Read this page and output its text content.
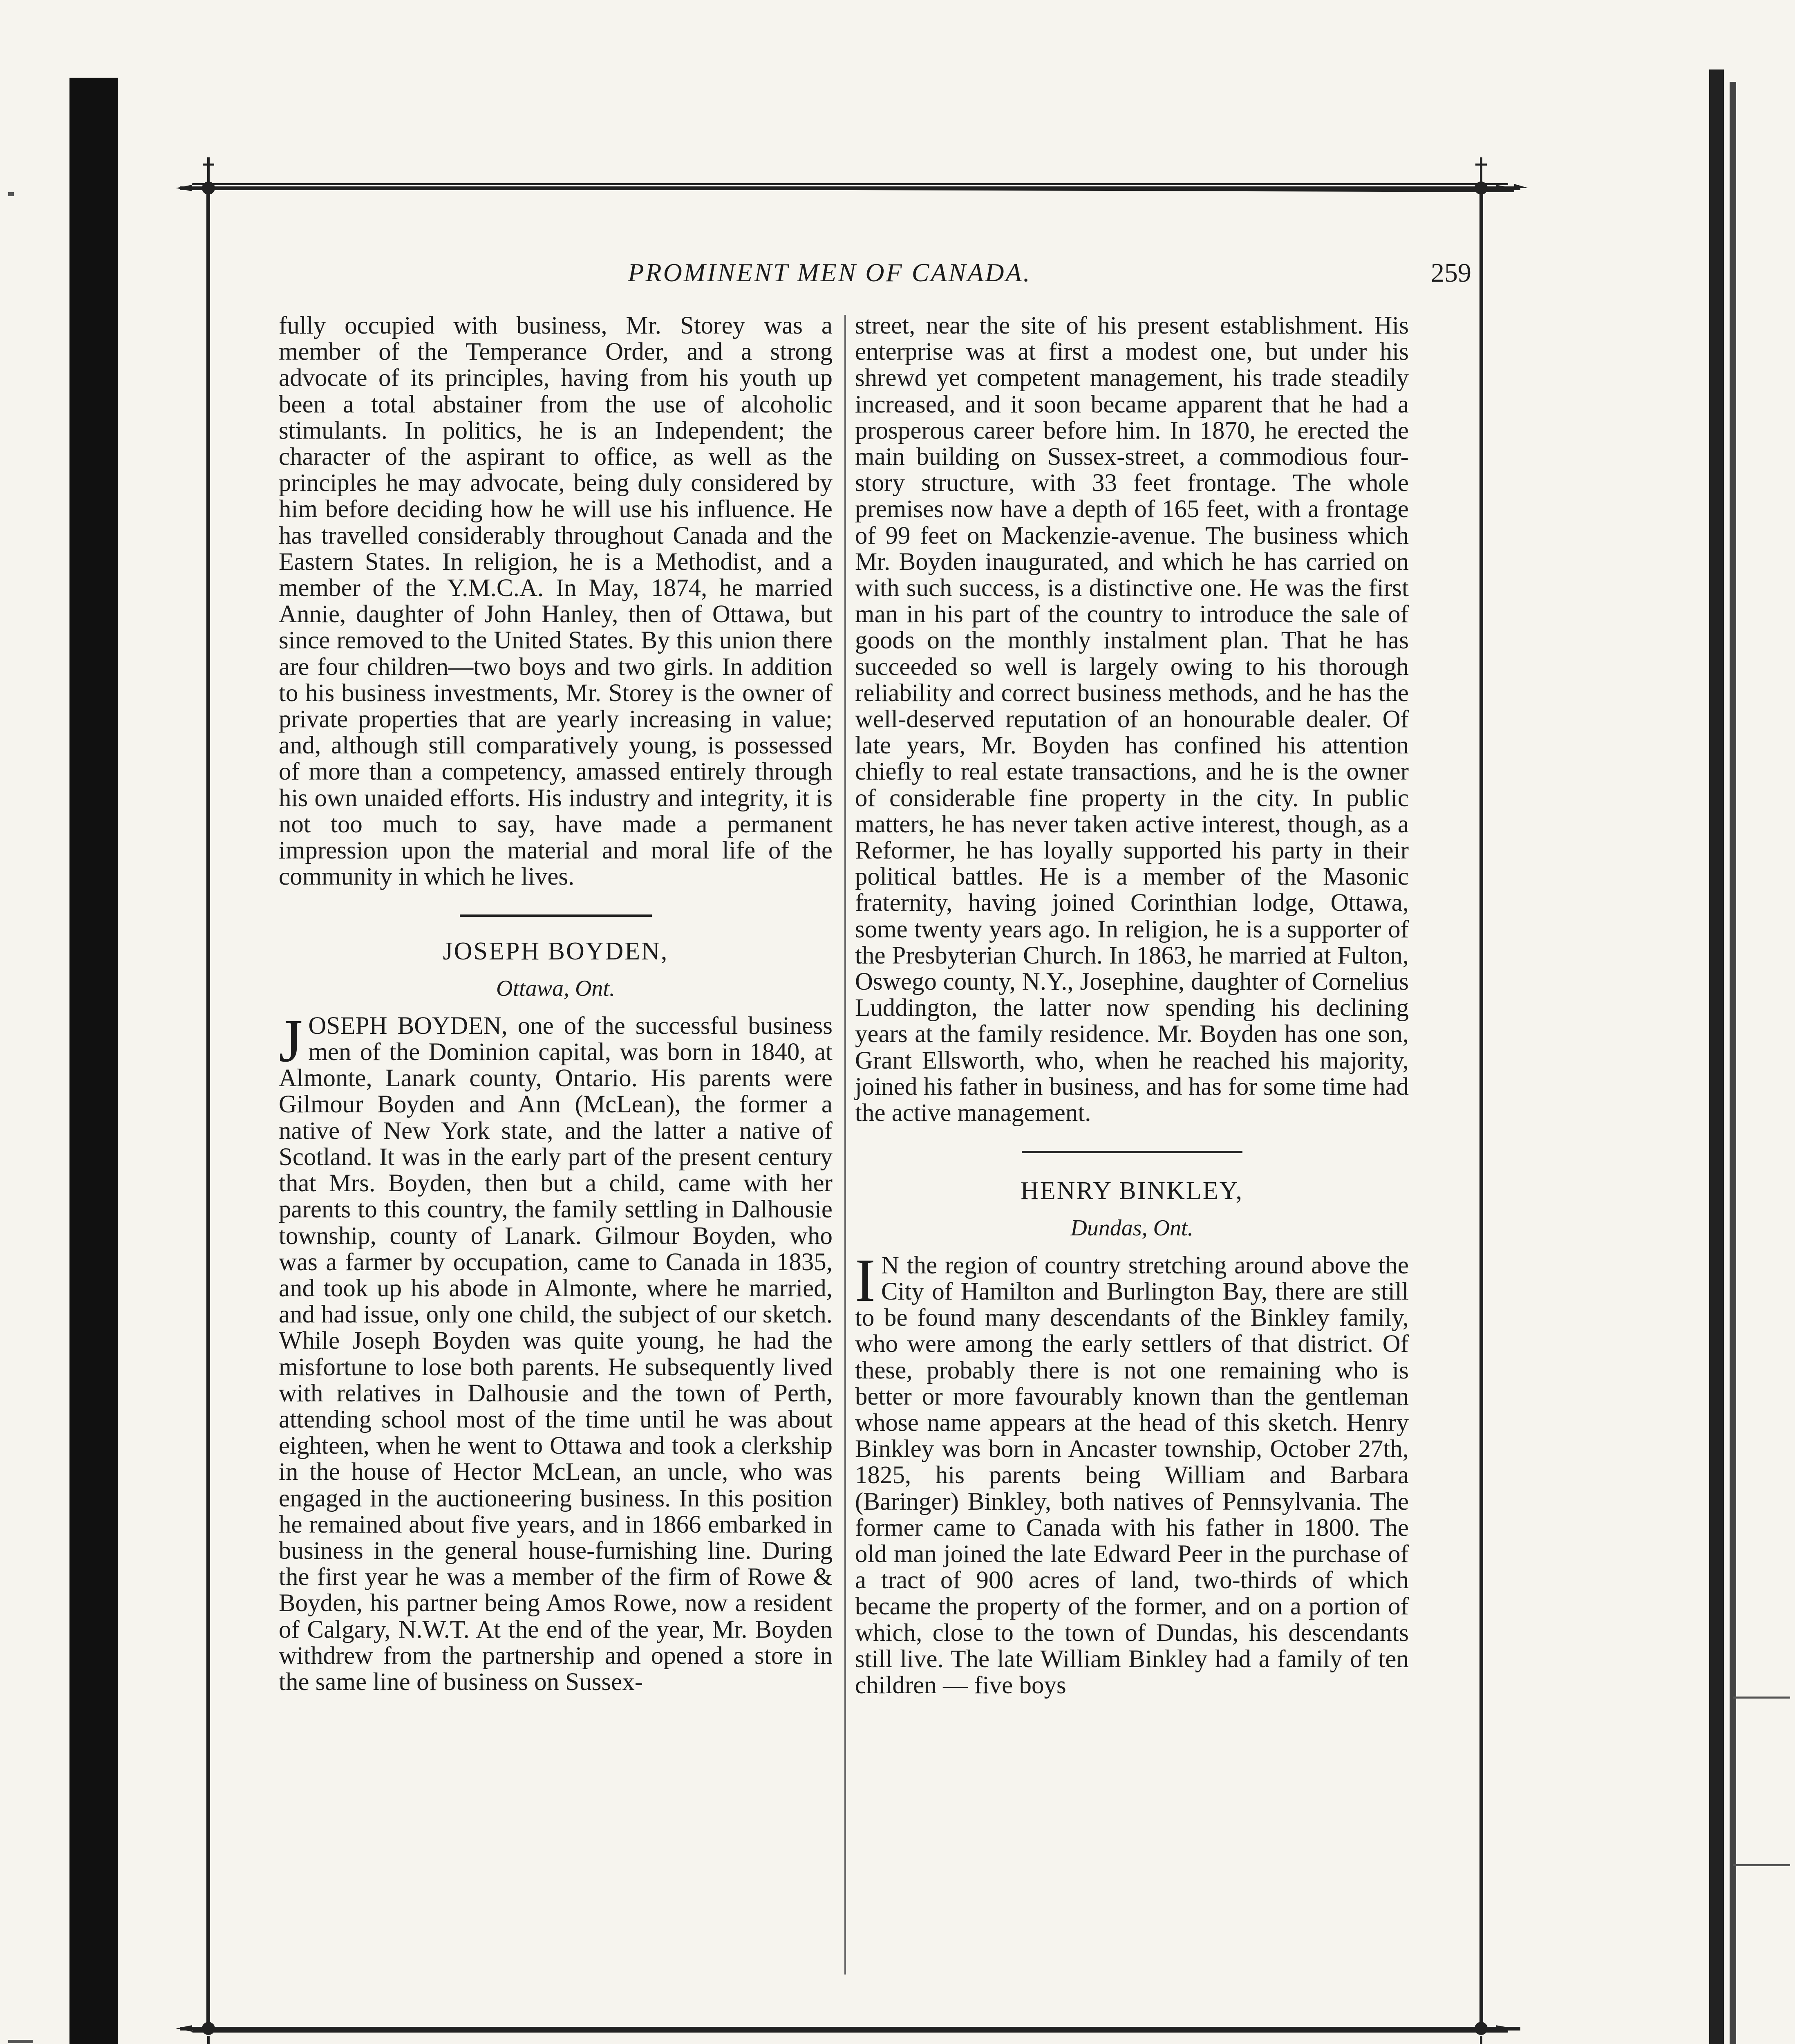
PROMINENT MEN OF CANADA.	259

fully occupied with business, Mr. Storey was a member of the Temperance Order, and a strong advocate of its principles, having from his youth up been a total abstainer from the use of alcoholic stimulants. In politics, he is an Independent; the character of the aspirant to office, as well as the principles he may advocate, being duly considered by him before deciding how he will use his influence. He has travelled considerably throughout Canada and the Eastern States. In religion, he is a Methodist, and a member of the Y.M.C.A. In May, 1874, he married Annie, daughter of John Hanley, then of Ottawa, but since removed to the United States. By this union there are four children—two boys and two girls. In addition to his business investments, Mr. Storey is the owner of private properties that are yearly increasing in value; and, although still comparatively young, is possessed of more than a competency, amassed entirely through his own unaided efforts. His industry and integrity, it is not too much to say, have made a permanent impression upon the material and moral life of the community in which he lives.

JOSEPH BOYDEN,

Ottawa, Ont.

JOSEPH BOYDEN, one of the successful business men of the Dominion capital, was born in 1840, at Almonte, Lanark county, Ontario. His parents were Gilmour Boyden and Ann (McLean), the former a native of New York state, and the latter a native of Scotland. It was in the early part of the present century that Mrs. Boyden, then but a child, came with her parents to this country, the family settling in Dalhousie township, county of Lanark. Gilmour Boyden, who was a farmer by occupation, came to Canada in 1835, and took up his abode in Almonte, where he married, and had issue, only one child, the subject of our sketch. While Joseph Boyden was quite young, he had the misfortune to lose both parents. He subsequently lived with relatives in Dalhousie and the town of Perth, attending school most of the time until he was about eighteen, when he went to Ottawa and took a clerkship in the house of Hector McLean, an uncle, who was engaged in the auctioneering business. In this position he remained about five years, and in 1866 embarked in business in the general house-furnishing line. During the first year he was a member of the firm of Rowe & Boyden, his partner being Amos Rowe, now a resident of Calgary, N.W.T. At the end of the year, Mr. Boyden withdrew from the partnership and opened a store in the same line of business on Sussex-

street, near the site of his present establishment. His enterprise was at first a modest one, but under his shrewd yet competent management, his trade steadily increased, and it soon became apparent that he had a prosperous career before him. In 1870, he erected the main building on Sussex-street, a commodious four-story structure, with 33 feet frontage. The whole premises now have a depth of 165 feet, with a frontage of 99 feet on Mackenzie-avenue. The business which Mr. Boyden inaugurated, and which he has carried on with such success, is a distinctive one. He was the first man in his part of the country to introduce the sale of goods on the monthly instalment plan. That he has succeeded so well is largely owing to his thorough reliability and correct business methods, and he has the well-deserved reputation of an honourable dealer. Of late years, Mr. Boyden has confined his attention chiefly to real estate transactions, and he is the owner of considerable fine property in the city. In public matters, he has never taken active interest, though, as a Reformer, he has loyally supported his party in their political battles. He is a member of the Masonic fraternity, having joined Corinthian lodge, Ottawa, some twenty years ago. In religion, he is a supporter of the Presbyterian Church. In 1863, he married at Fulton, Oswego county, N.Y., Josephine, daughter of Cornelius Luddington, the latter now spending his declining years at the family residence. Mr. Boyden has one son, Grant Ellsworth, who, when he reached his majority, joined his father in business, and has for some time had the active management.

HENRY BINKLEY,

Dundas, Ont.

I N the region of country stretching around above the City of Hamilton and Burlington Bay, there are still to be found many descendants of the Binkley family, who were among the early settlers of that district. Of these, probably there is not one remaining who is better or more favourably known than the gentleman whose name appears at the head of this sketch. Henry Binkley was born in Ancaster township, October 27th, 1825, his parents being William and Barbara (Baringer) Binkley, both natives of Pennsylvania. The former came to Canada with his father in 1800. The old man joined the late Edward Peer in the purchase of a tract of 900 acres of land, two-thirds of which became the property of the former, and on a portion of which, close to the town of Dundas, his descendants still live. The late William Binkley had a family of ten children — five boys
